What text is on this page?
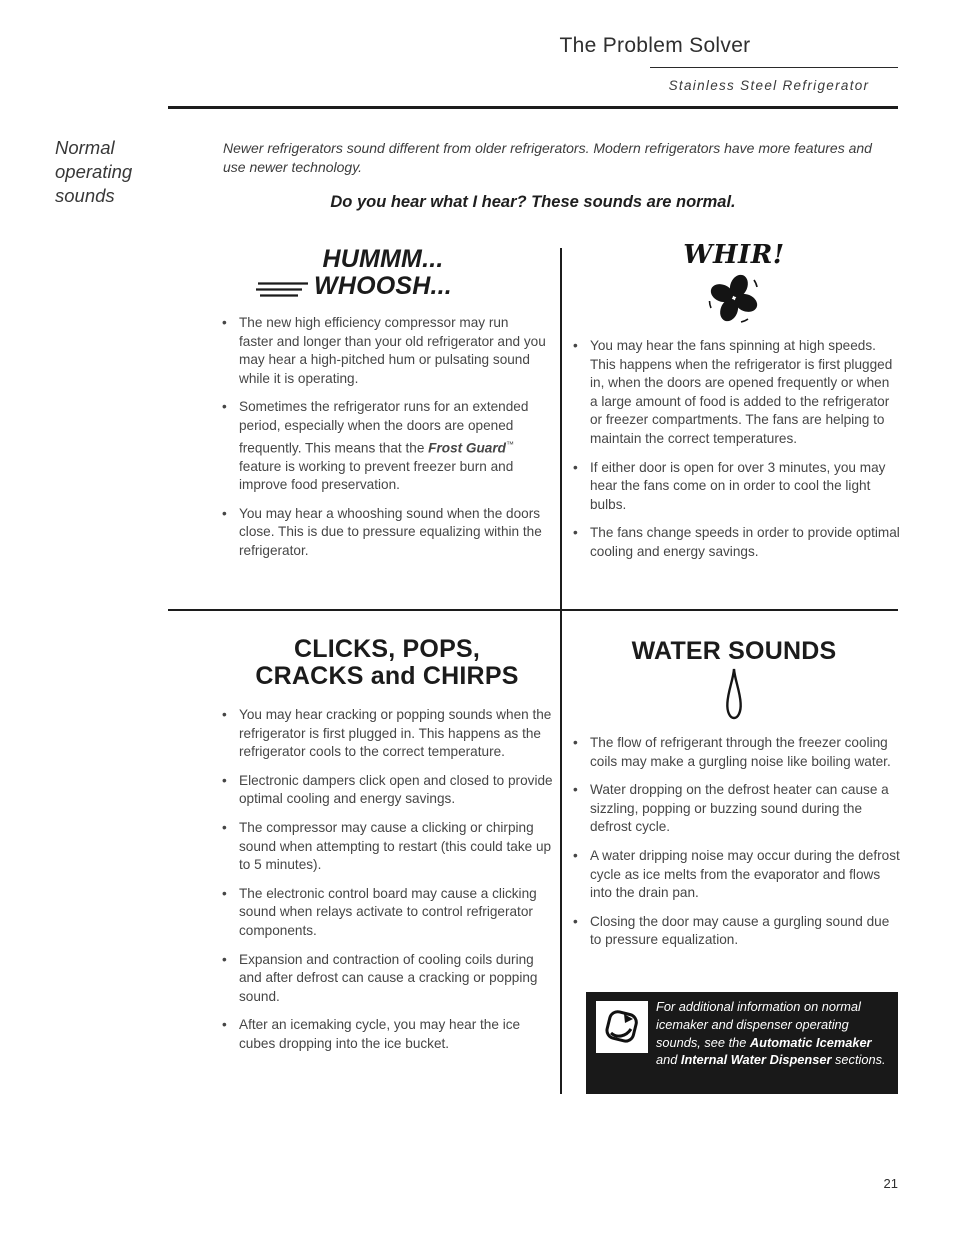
The Problem Solver
Stainless Steel Refrigerator
Normal operating sounds
Newer refrigerators sound different from older refrigerators. Modern refrigerators have more features and use newer technology.
Do you hear what I hear? These sounds are normal.
HUMMM...
WHOOSH...
• The new high efficiency compressor may run faster and longer than your old refrigerator and you may hear a high-pitched hum or pulsating sound while it is operating.
• Sometimes the refrigerator runs for an extended period, especially when the doors are opened frequently. This means that the Frost Guard™ feature is working to prevent freezer burn and improve food preservation.
• You may hear a whooshing sound when the doors close. This is due to pressure equalizing within the refrigerator.
WHIR!
• You may hear the fans spinning at high speeds. This happens when the refrigerator is first plugged in, when the doors are opened frequently or when a large amount of food is added to the refrigerator or freezer compartments. The fans are helping to maintain the correct temperatures.
• If either door is open for over 3 minutes, you may hear the fans come on in order to cool the light bulbs.
• The fans change speeds in order to provide optimal cooling and energy savings.
CLICKS, POPS,
CRACKS and CHIRPS
• You may hear cracking or popping sounds when the refrigerator is first plugged in. This happens as the refrigerator cools to the correct temperature.
• Electronic dampers click open and closed to provide optimal cooling and energy savings.
• The compressor may cause a clicking or chirping sound when attempting to restart (this could take up to 5 minutes).
• The electronic control board may cause a clicking sound when relays activate to control refrigerator components.
• Expansion and contraction of cooling coils during and after defrost can cause a cracking or popping sound.
• After an icemaking cycle, you may hear the ice cubes dropping into the ice bucket.
WATER SOUNDS
• The flow of refrigerant through the freezer cooling coils may make a gurgling noise like boiling water.
• Water dropping on the defrost heater can cause a sizzling, popping or buzzing sound during the defrost cycle.
• A water dripping noise may occur during the defrost cycle as ice melts from the evaporator and flows into the drain pan.
• Closing the door may cause a gurgling sound due to pressure equalization.
For additional information on normal icemaker and dispenser operating sounds, see the Automatic Icemaker and Internal Water Dispenser sections.
21
